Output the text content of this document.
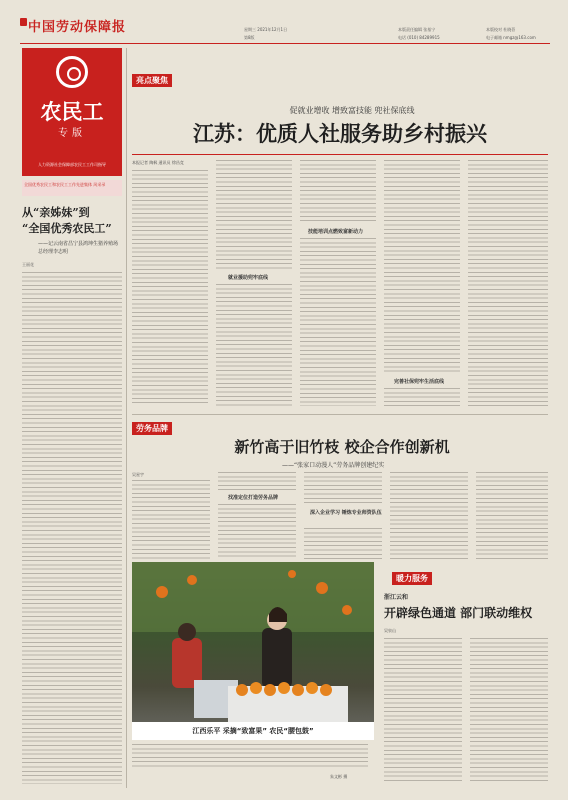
中国劳动保障报	星期三 2021年12月1日
第8版
本版责任编辑 张基宁
电话 (010) 84289915
本版校对 杜晓蓓
电子邮箱 nmgz@163.com
农民工
专版
人力资源社会保障部农民工工作司指导
全国优秀农民工和农民工工作先进集体 风采录
从“亲姊妹”到
“全国优秀农民工”
——记云南省昌宁县鸿坤生猪养殖场总经理李志明
王丽花
亮点聚焦
促就业增收 增致富技能 兜社保底线
江苏：优质人社服务助乡村振兴
本报记者 陶枫 通讯员 徐昌竞
就业援助兜牢底线
技能培训点燃致富新动力
完善社保兜牢生活底线
劳务品牌
新竹高于旧竹枝 校企合作创新机
——“张家口动漫人”劳务品牌创建纪实
吴星宇
找准定位打造劳务品牌
深入企业学习 锤炼专业师资队伍
江西乐平 采摘“致富果” 农民“腰包鼓”
朱文彬 摄
暖力服务
浙江云和
开辟绿色通道 部门联动维权
吴泉山
